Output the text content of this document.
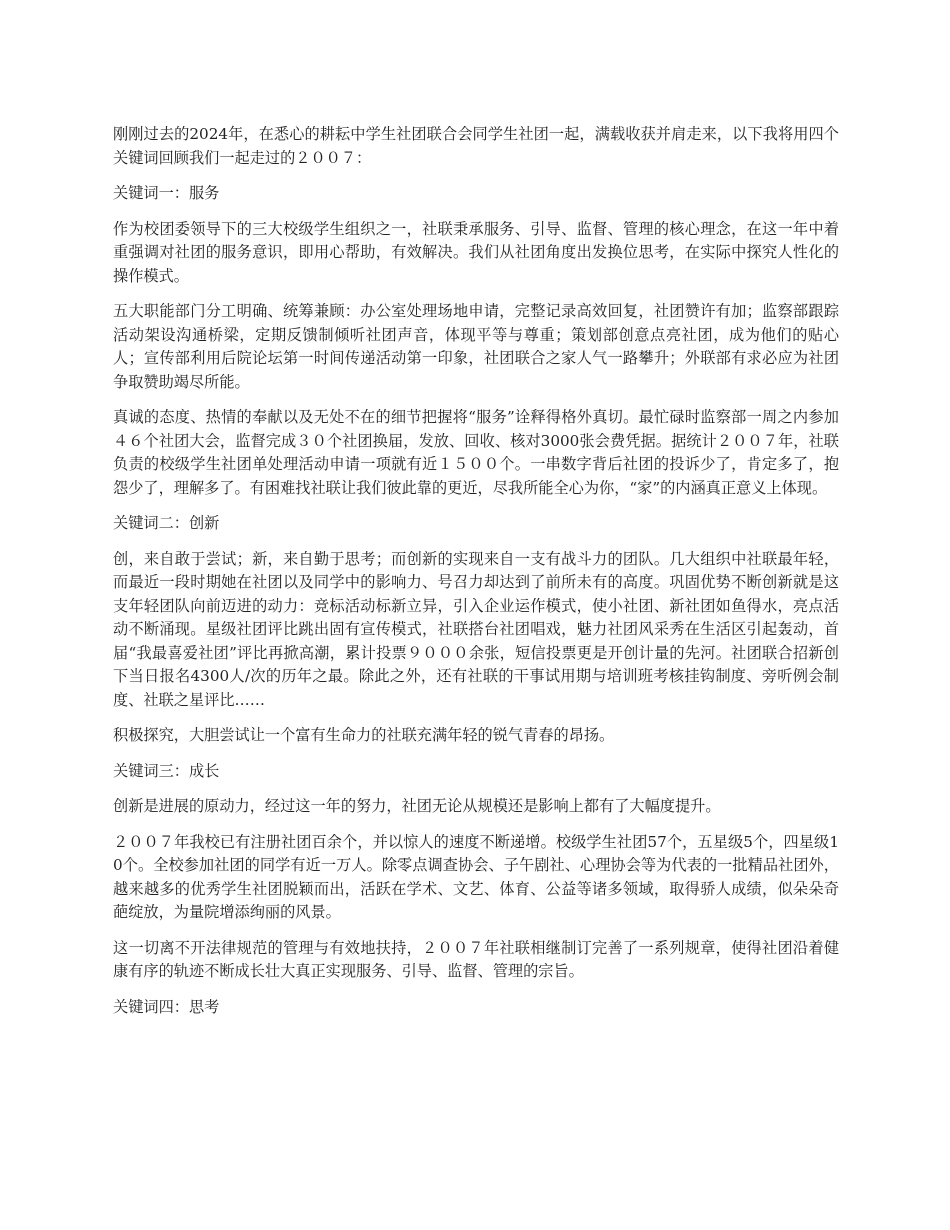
刚刚过去的2024年，在悉心的耕耘中学生社团联合会同学生社团一起，满载收获并肩走来，以下我将用四个关键词回顾我们一起走过的２００７：

关键词一：服务

作为校团委领导下的三大校级学生组织之一，社联秉承服务、引导、监督、管理的核心理念，在这一年中着重强调对社团的服务意识，即用心帮助，有效解决。我们从社团角度出发换位思考，在实际中探究人性化的操作模式。

五大职能部门分工明确、统筹兼顾：办公室处理场地申请，完整记录高效回复，社团赞许有加；监察部跟踪活动架设沟通桥梁，定期反馈制倾听社团声音，体现平等与尊重；策划部创意点亮社团，成为他们的贴心人；宣传部利用后院论坛第一时间传递活动第一印象，社团联合之家人气一路攀升；外联部有求必应为社团争取赞助竭尽所能。

真诚的态度、热情的奉献以及无处不在的细节把握将“服务”诠释得格外真切。最忙碌时监察部一周之内参加４６个社团大会，监督完成３０个社团换届，发放、回收、核对3000张会费凭据。据统计２００７年，社联负责的校级学生社团单处理活动申请一项就有近１５００个。一串数字背后社团的投诉少了，肯定多了，抱怨少了，理解多了。有困难找社联让我们彼此靠的更近，尽我所能全心为你，“家”的内涵真正意义上体现。

关键词二：创新

创，来自敢于尝试；新，来自勤于思考；而创新的实现来自一支有战斗力的团队。几大组织中社联最年轻，而最近一段时期她在社团以及同学中的影响力、号召力却达到了前所未有的高度。巩固优势不断创新就是这支年轻团队向前迈进的动力：竞标活动标新立异，引入企业运作模式，使小社团、新社团如鱼得水，亮点活动不断涌现。星级社团评比跳出固有宣传模式，社联搭台社团唱戏，魅力社团风采秀在生活区引起轰动，首届“我最喜爱社团”评比再掀高潮，累计投票９０００余张，短信投票更是开创计量的先河。社团联合招新创下当日报名4300人/次的历年之最。除此之外，还有社联的干事试用期与培训班考核挂钩制度、旁听例会制度、社联之星评比……

积极探究，大胆尝试让一个富有生命力的社联充满年轻的锐气青春的昂扬。

关键词三：成长

创新是进展的原动力，经过这一年的努力，社团无论从规模还是影响上都有了大幅度提升。

２００７年我校已有注册社团百余个，并以惊人的速度不断递增。校级学生社团57个，五星级5个，四星级10个。全校参加社团的同学有近一万人。除零点调查协会、子午剧社、心理协会等为代表的一批精品社团外，越来越多的优秀学生社团脱颖而出，活跃在学术、文艺、体育、公益等诸多领域，取得骄人成绩，似朵朵奇葩绽放，为量院增添绚丽的风景。

这一切离不开法律规范的管理与有效地扶持，２００７年社联相继制订完善了一系列规章，使得社团沿着健康有序的轨迹不断成长壮大真正实现服务、引导、监督、管理的宗旨。

关键词四：思考
